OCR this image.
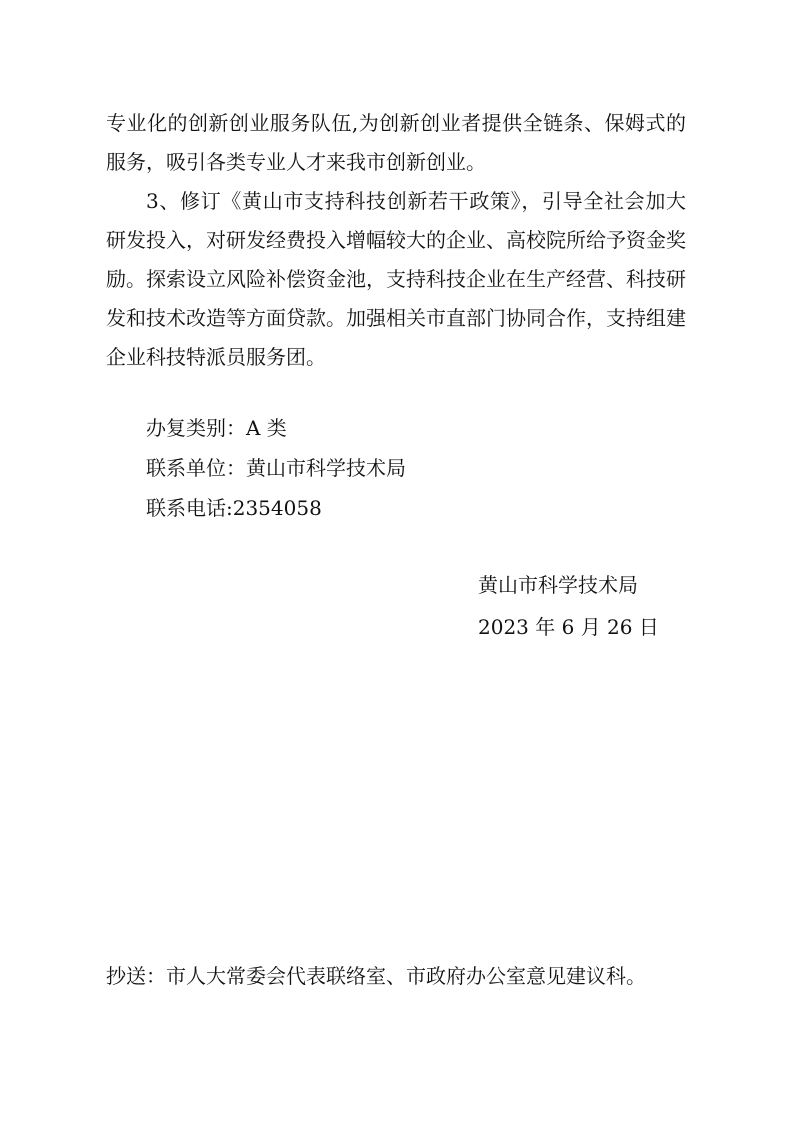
专业化的创新创业服务队伍,为创新创业者提供全链条、保姆式的服务，吸引各类专业人才来我市创新创业。

3、修订《黄山市支持科技创新若干政策》，引导全社会加大研发投入，对研发经费投入增幅较大的企业、高校院所给予资金奖励。探索设立风险补偿资金池，支持科技企业在生产经营、科技研发和技术改造等方面贷款。加强相关市直部门协同合作，支持组建企业科技特派员服务团。

办复类别：A 类
联系单位：黄山市科学技术局
联系电话:2354058
黄山市科学技术局
2023 年 6 月 26 日
抄送：市人大常委会代表联络室、市政府办公室意见建议科。
